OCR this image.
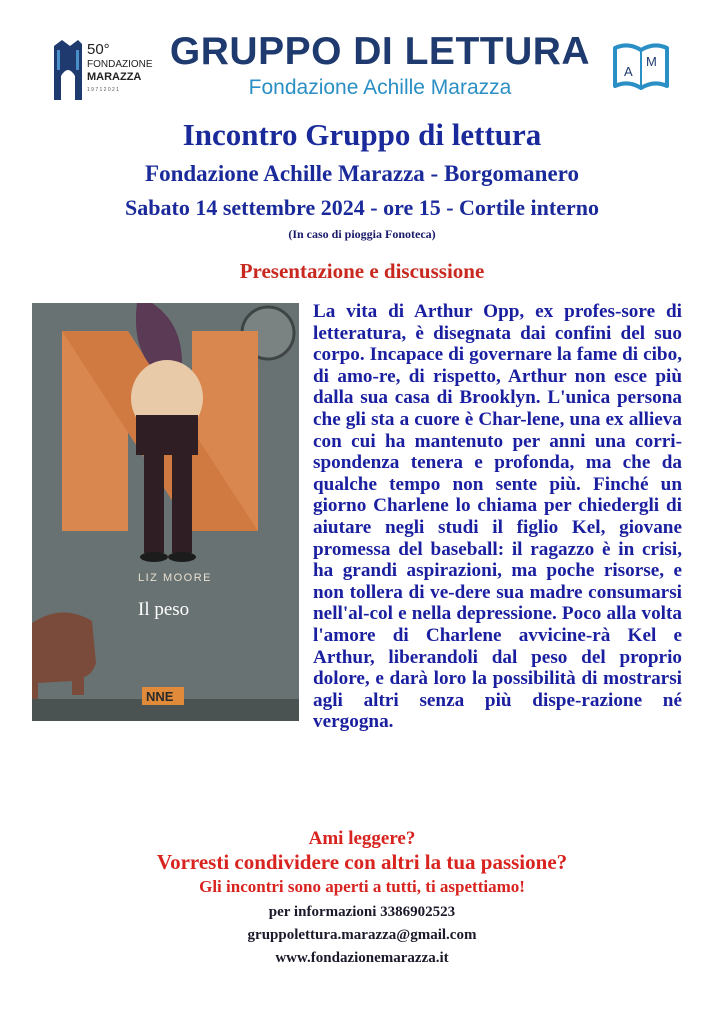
50°
FONDAZIONE
MARAZZA
1 9 7 1 2 0 2 1
GRUPPO DI LETTURA
Fondazione Achille Marazza
A
M
Incontro Gruppo di lettura
Fondazione Achille Marazza - Borgomanero
Sabato 14 settembre 2024 - ore 15 - Cortile interno
(In caso di pioggia Fonoteca)
Presentazione e discussione
LIZ MOORE
Il peso
NNE
La vita di Arthur Opp, ex profes-sore di letteratura, è disegnata dai confini del suo corpo. Incapace di governare la fame di cibo, di amo-re, di rispetto, Arthur non esce più dalla sua casa di Brooklyn. L'unica persona che gli sta a cuore è Char-lene, una ex allieva con cui ha mantenuto per anni una corri-spondenza tenera e profonda, ma che da qualche tempo non sente più. Finché un giorno Charlene lo chiama per chiedergli di aiutare negli studi il figlio Kel, giovane promessa del baseball: il ragazzo è in crisi, ha grandi aspirazioni, ma poche risorse, e non tollera di ve-dere sua madre consumarsi nell'al-col e nella depressione. Poco alla volta l'amore di Charlene avvicine-rà Kel e Arthur, liberandoli dal peso del proprio dolore, e darà loro la possibilità di mostrarsi agli altri senza più dispe-razione né vergogna.
Ami leggere?
Vorresti condividere con altri la tua passione?
Gli incontri sono aperti a tutti, ti aspettiamo!
per informazioni 3386902523
gruppolettura.marazza@gmail.com
www.fondazionemarazza.it
